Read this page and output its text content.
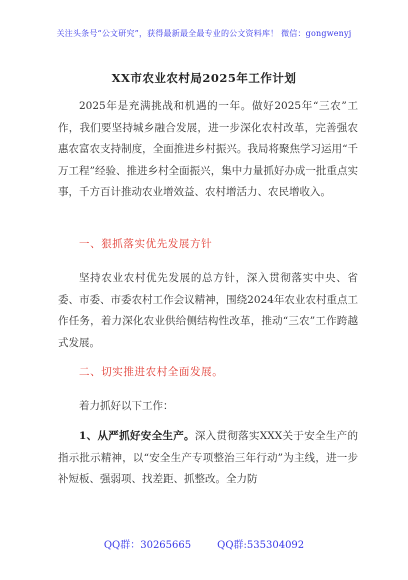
关注头条号“公文研究”，获得最新最全最专业的公文资料库！ 微信：gongwenyj
XX市农业农村局2025年工作计划

2025年是充满挑战和机遇的一年。做好2025年“三农”工作，我们要坚持城乡融合发展，进一步深化农村改革，完善强农惠农富农支持制度，全面推进乡村振兴。我局将聚焦学习运用“千万工程”经验、推进乡村全面振兴，集中力量抓好办成一批重点实事，千方百计推动农业增效益、农村增活力、农民增收入。

一、狠抓落实优先发展方针

坚持农业农村优先发展的总方针，深入贯彻落实中央、省委、市委、市委农村工作会议精神，围绕2024年农业农村重点工作任务，着力深化农业供给侧结构性改革，推动“三农”工作跨越式发展。

二、切实推进农村全面发展。

着力抓好以下工作：

1、从严抓好安全生产。深入贯彻落实XXX关于安全生产的指示批示精神，以“安全生产专项整治三年行动”为主线，进一步补短板、强弱项、找差距、抓整改。全力防

QQ群：30265665	QQ群:535304092
